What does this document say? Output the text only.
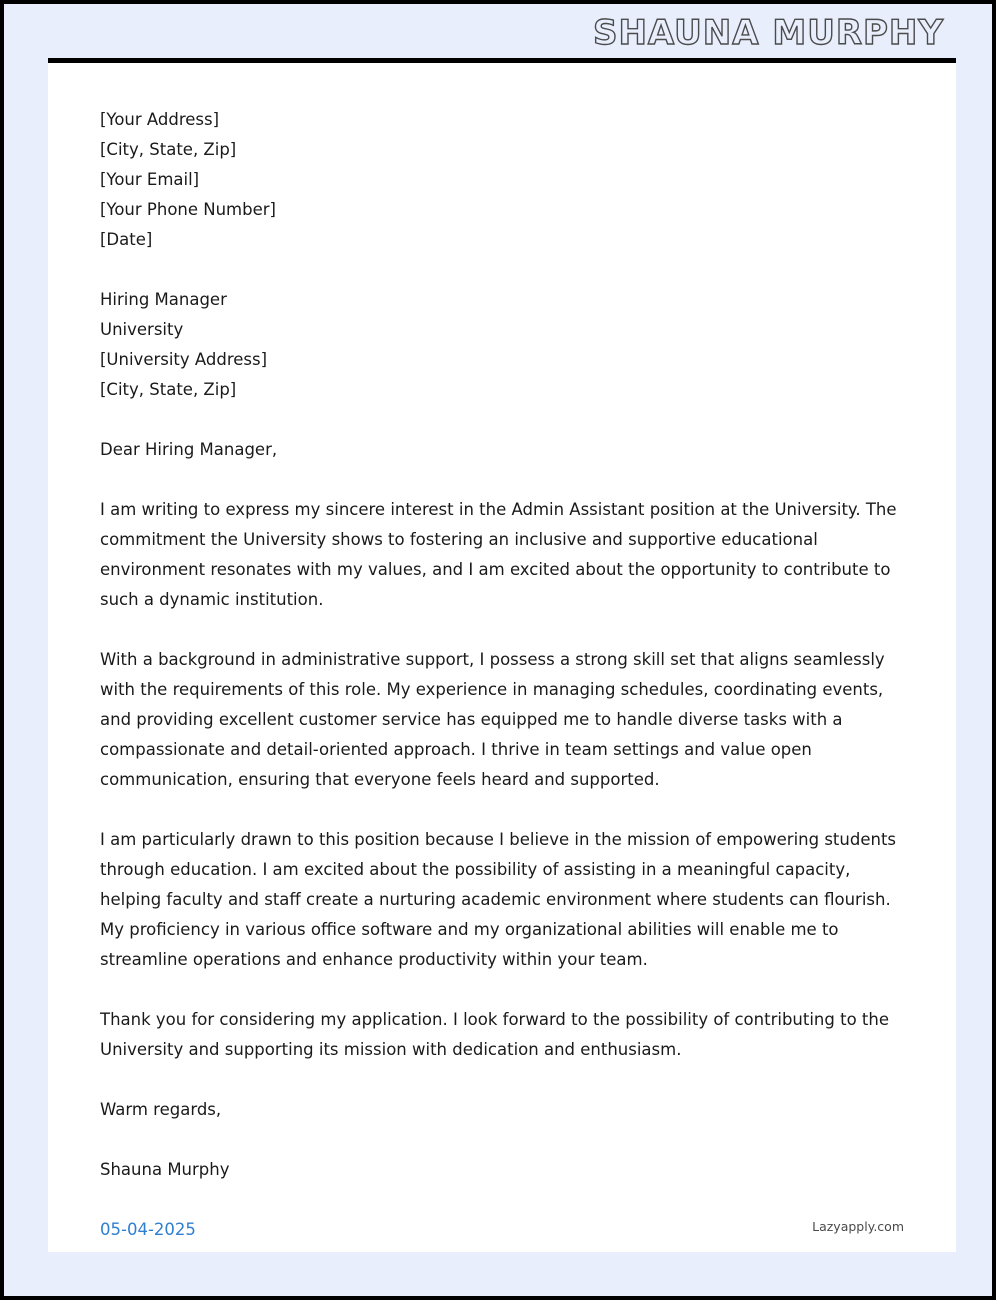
SHAUNA MURPHY
[Your Address]
[City, State, Zip]
[Your Email]
[Your Phone Number]
[Date]
Hiring Manager
University
[University Address]
[City, State, Zip]
Dear Hiring Manager,
I am writing to express my sincere interest in the Admin Assistant position at the University. The commitment the University shows to fostering an inclusive and supportive educational environment resonates with my values, and I am excited about the opportunity to contribute to such a dynamic institution.
With a background in administrative support, I possess a strong skill set that aligns seamlessly with the requirements of this role. My experience in managing schedules, coordinating events, and providing excellent customer service has equipped me to handle diverse tasks with a compassionate and detail-oriented approach. I thrive in team settings and value open communication, ensuring that everyone feels heard and supported.
I am particularly drawn to this position because I believe in the mission of empowering students through education. I am excited about the possibility of assisting in a meaningful capacity, helping faculty and staff create a nurturing academic environment where students can flourish. My proficiency in various office software and my organizational abilities will enable me to streamline operations and enhance productivity within your team.
Thank you for considering my application. I look forward to the possibility of contributing to the University and supporting its mission with dedication and enthusiasm.
Warm regards,
Shauna Murphy
05-04-2025	Lazyapply.com
